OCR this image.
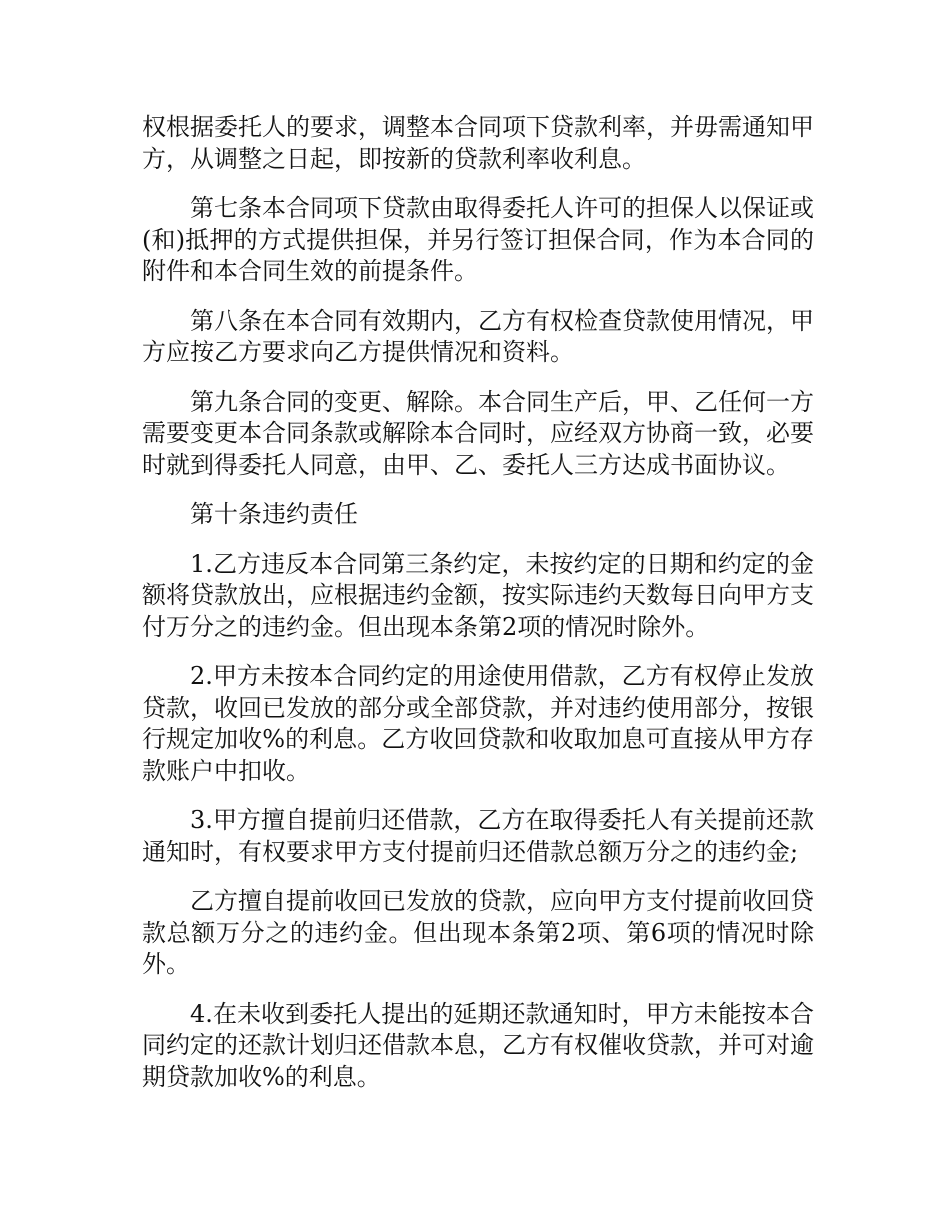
权根据委托人的要求，调整本合同项下贷款利率，并毋需通知甲方，从调整之日起，即按新的贷款利率收利息。

第七条本合同项下贷款由取得委托人许可的担保人以保证或(和)抵押的方式提供担保，并另行签订担保合同，作为本合同的附件和本合同生效的前提条件。

第八条在本合同有效期内，乙方有权检查贷款使用情况，甲方应按乙方要求向乙方提供情况和资料。

第九条合同的变更、解除。本合同生产后，甲、乙任何一方需要变更本合同条款或解除本合同时，应经双方协商一致，必要时就到得委托人同意，由甲、乙、委托人三方达成书面协议。

第十条违约责任

1.乙方违反本合同第三条约定，未按约定的日期和约定的金额将贷款放出，应根据违约金额，按实际违约天数每日向甲方支付万分之的违约金。但出现本条第2项的情况时除外。

2.甲方未按本合同约定的用途使用借款，乙方有权停止发放贷款，收回已发放的部分或全部贷款，并对违约使用部分，按银行规定加收%的利息。乙方收回贷款和收取加息可直接从甲方存款账户中扣收。

3.甲方擅自提前归还借款，乙方在取得委托人有关提前还款通知时，有权要求甲方支付提前归还借款总额万分之的违约金;

乙方擅自提前收回已发放的贷款，应向甲方支付提前收回贷款总额万分之的违约金。但出现本条第2项、第6项的情况时除外。

4.在未收到委托人提出的延期还款通知时，甲方未能按本合同约定的还款计划归还借款本息，乙方有权催收贷款，并可对逾期贷款加收%的利息。
